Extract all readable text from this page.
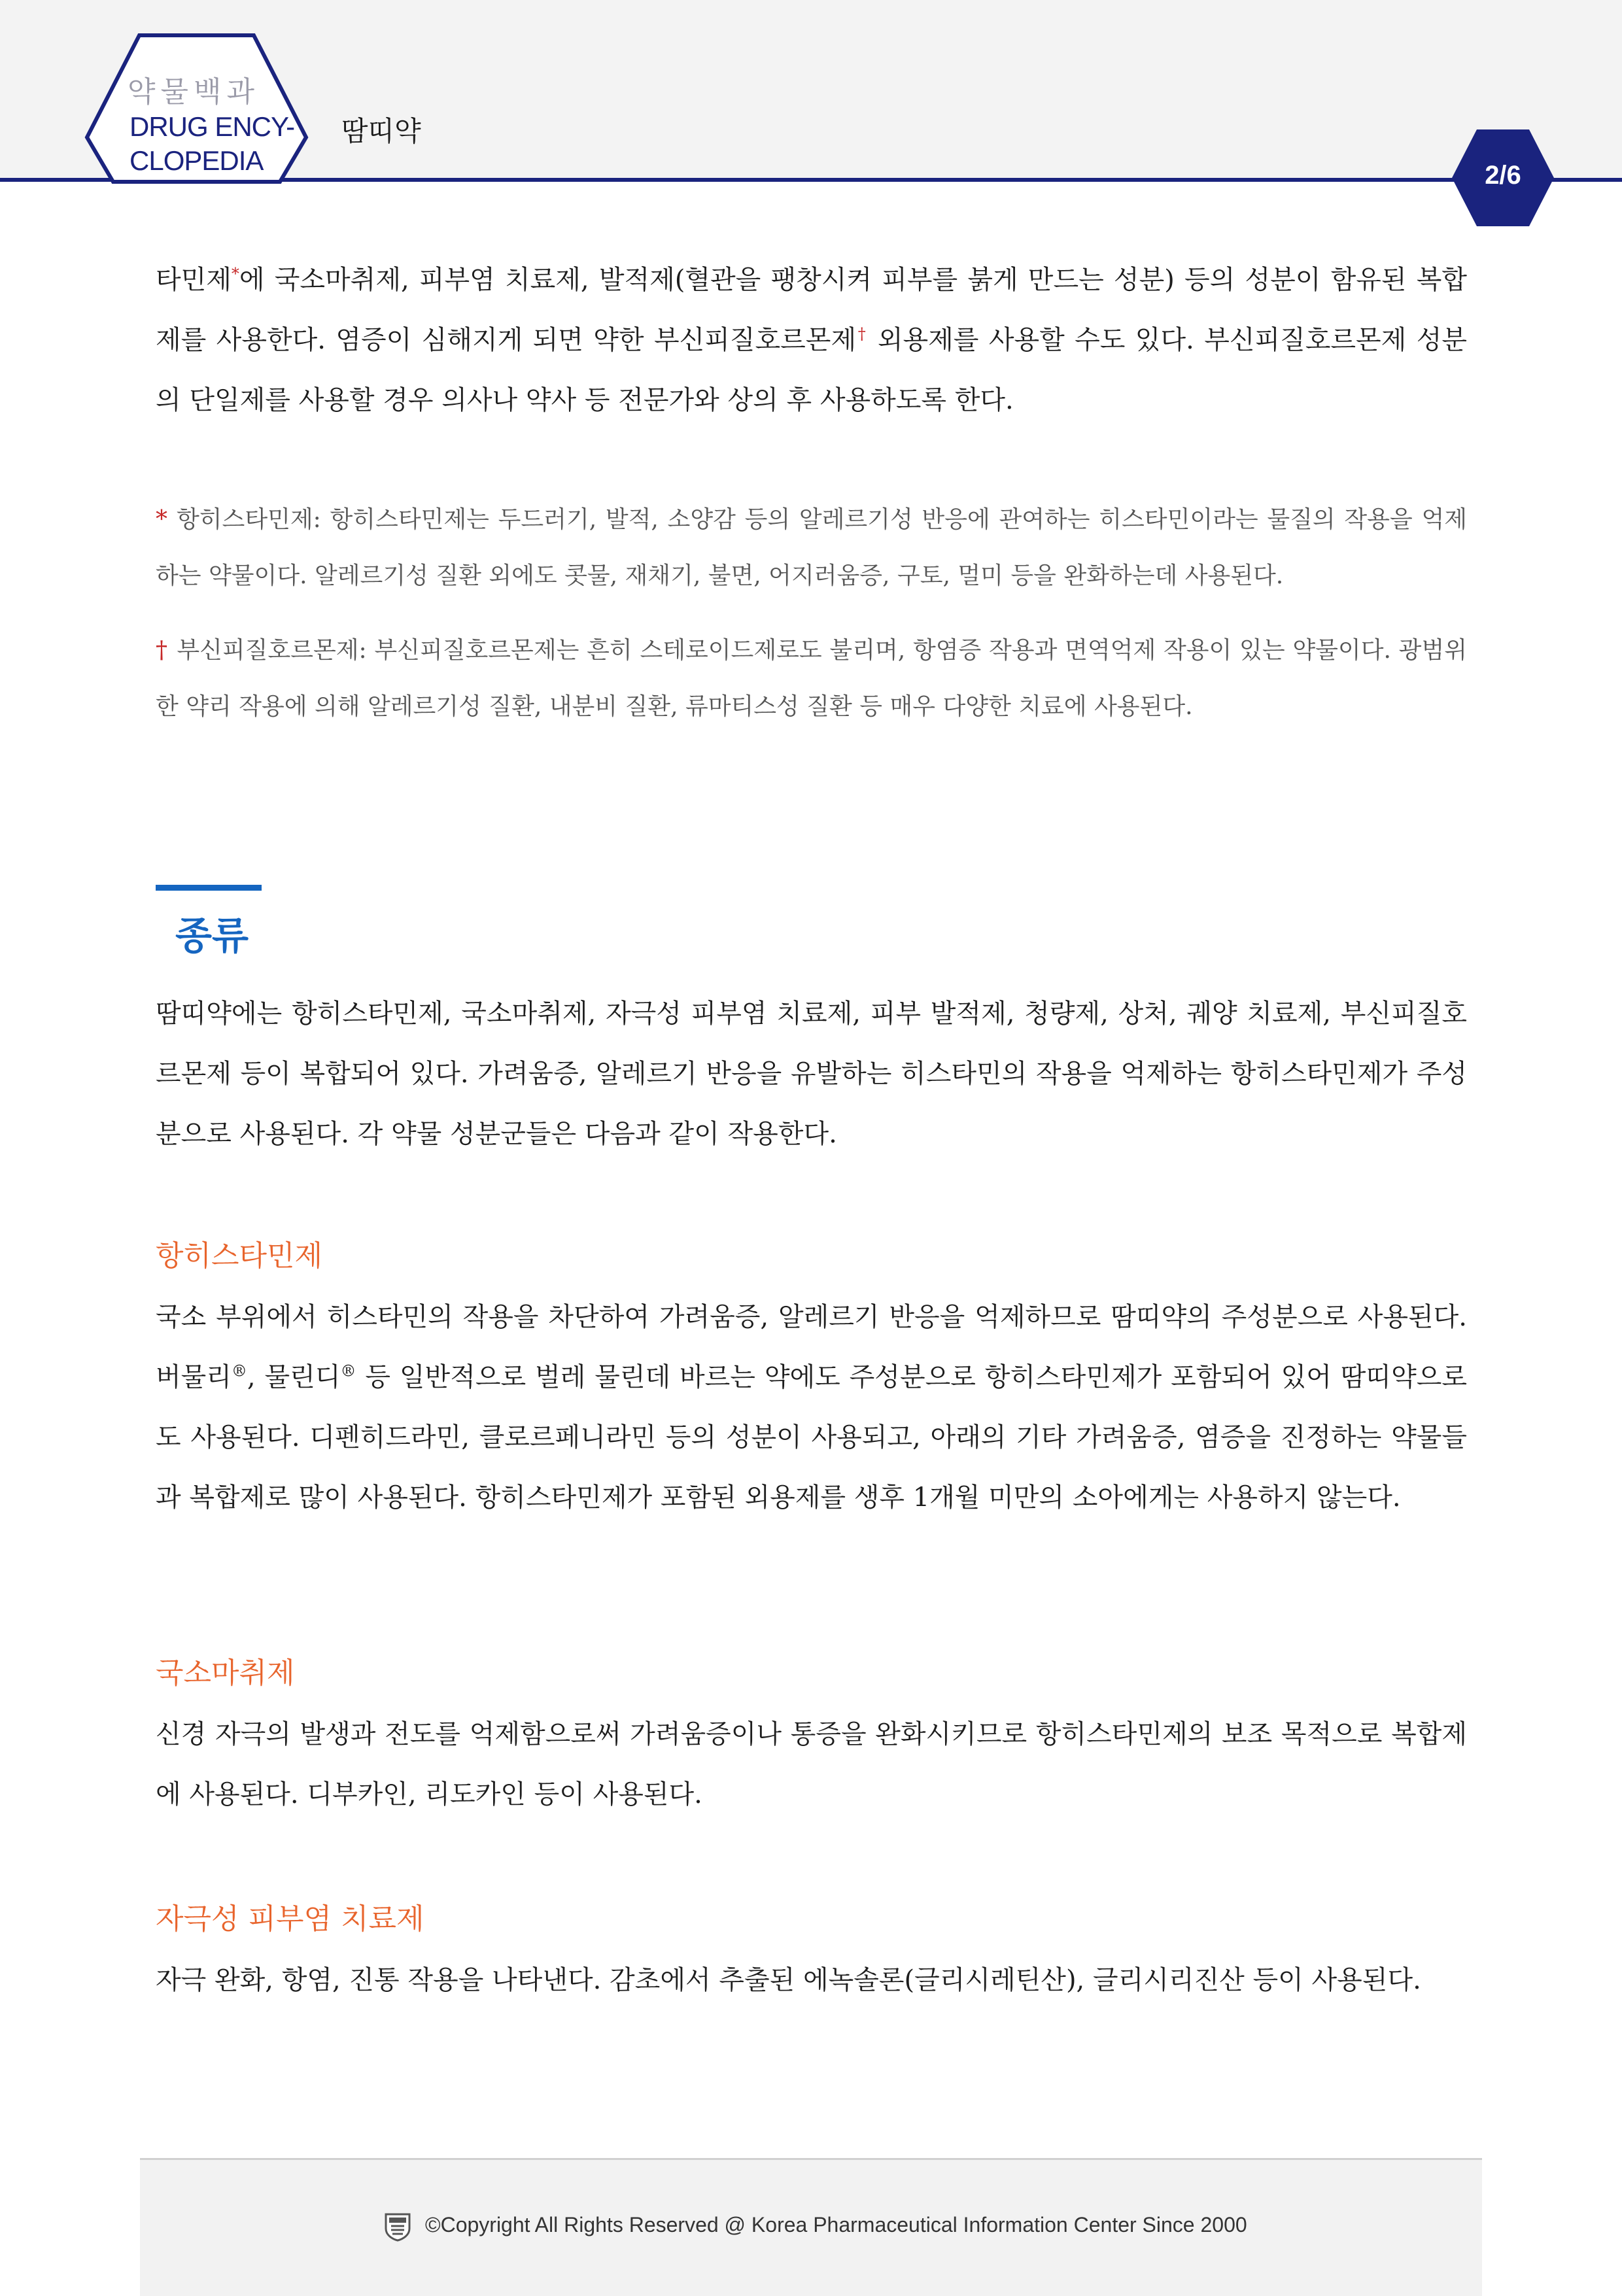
약물백과
DRUG ENCY-
CLOPEDIA
땀띠약
2/6
타민제*에 국소마취제, 피부염 치료제, 발적제(혈관을 팽창시켜 피부를 붉게 만드는 성분) 등의 성분이 함유된 복합제를 사용한다. 염증이 심해지게 되면 약한 부신피질호르몬제† 외용제를 사용할 수도 있다. 부신피질호르몬제 성분의 단일제를 사용할 경우 의사나 약사 등 전문가와 상의 후 사용하도록 한다.
* 항히스타민제: 항히스타민제는 두드러기, 발적, 소양감 등의 알레르기성 반응에 관여하는 히스타민이라는 물질의 작용을 억제하는 약물이다. 알레르기성 질환 외에도 콧물, 재채기, 불면, 어지러움증, 구토, 멀미 등을 완화하는데 사용된다.
† 부신피질호르몬제: 부신피질호르몬제는 흔히 스테로이드제로도 불리며, 항염증 작용과 면역억제 작용이 있는 약물이다. 광범위한 약리 작용에 의해 알레르기성 질환, 내분비 질환, 류마티스성 질환 등 매우 다양한 치료에 사용된다.
종류
땀띠약에는 항히스타민제, 국소마취제, 자극성 피부염 치료제, 피부 발적제, 청량제, 상처, 궤양 치료제, 부신피질호르몬제 등이 복합되어 있다. 가려움증, 알레르기 반응을 유발하는 히스타민의 작용을 억제하는 항히스타민제가 주성분으로 사용된다. 각 약물 성분군들은 다음과 같이 작용한다.
항히스타민제
국소 부위에서 히스타민의 작용을 차단하여 가려움증, 알레르기 반응을 억제하므로 땀띠약의 주성분으로 사용된다. 버물리®, 물린디® 등 일반적으로 벌레 물린데 바르는 약에도 주성분으로 항히스타민제가 포함되어 있어 땀띠약으로도 사용된다. 디펜히드라민, 클로르페니라민 등의 성분이 사용되고, 아래의 기타 가려움증, 염증을 진정하는 약물들과 복합제로 많이 사용된다. 항히스타민제가 포함된 외용제를 생후 1개월 미만의 소아에게는 사용하지 않는다.
국소마취제
신경 자극의 발생과 전도를 억제함으로써 가려움증이나 통증을 완화시키므로 항히스타민제의 보조 목적으로 복합제에 사용된다. 디부카인, 리도카인 등이 사용된다.
자극성 피부염 치료제
자극 완화, 항염, 진통 작용을 나타낸다. 감초에서 추출된 에녹솔론(글리시레틴산), 글리시리진산 등이 사용된다.
©Copyright All Rights Reserved @ Korea Pharmaceutical Information Center Since 2000
